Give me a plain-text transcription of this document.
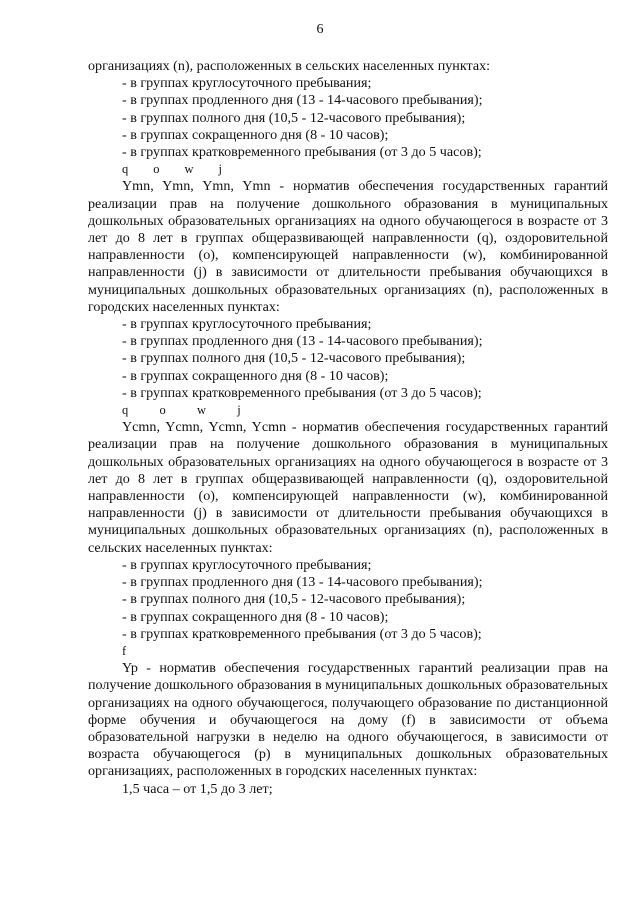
6

организациях (n), расположенных в сельских населенных пунктах:

- в группах круглосуточного пребывания;

- в группах продленного дня (13 - 14-часового пребывания);

- в группах полного дня (10,5 - 12-часового пребывания);

- в группах сокращенного дня (8 - 10 часов);

- в группах кратковременного пребывания (от 3 до 5 часов);

q        o        w        j

Ymn, Ymn, Ymn, Ymn - норматив обеспечения государственных гарантий реализации прав на получение дошкольного образования в муниципальных дошкольных образовательных организациях на одного обучающегося в возрасте от 3 лет до 8 лет в группах общеразвивающей направленности (q), оздоровительной направленности (o), компенсирующей направленности (w), комбинированной направленности (j) в зависимости от длительности пребывания обучающихся в муниципальных дошкольных образовательных организациях (n), расположенных в городских населенных пунктах:

- в группах круглосуточного пребывания;

- в группах продленного дня (13 - 14-часового пребывания);

- в группах полного дня (10,5 - 12-часового пребывания);

- в группах сокращенного дня (8 - 10 часов);

- в группах кратковременного пребывания (от 3 до 5 часов);

q          o          w          j

Ycmn, Ycmn, Ycmn, Ycmn - норматив обеспечения государственных гарантий реализации прав на получение дошкольного образования в муниципальных дошкольных образовательных организациях на одного обучающегося в возрасте от 3 лет до 8 лет в группах общеразвивающей направленности (q), оздоровительной направленности (o), компенсирующей направленности (w), комбинированной направленности (j) в зависимости от длительности пребывания обучающихся в муниципальных дошкольных образовательных организациях (n), расположенных в сельских населенных пунктах:

- в группах круглосуточного пребывания;

- в группах продленного дня (13 - 14-часового пребывания);

- в группах полного дня (10,5 - 12-часового пребывания);

- в группах сокращенного дня (8 - 10 часов);

- в группах кратковременного пребывания (от 3 до 5 часов);

f

Yp - норматив обеспечения государственных гарантий реализации прав на получение дошкольного образования в муниципальных дошкольных образовательных организациях на одного обучающегося, получающего образование по дистанционной форме обучения и обучающегося на дому (f) в зависимости от объема образовательной нагрузки в неделю на одного обучающегося, в зависимости от возраста обучающегося (p) в муниципальных дошкольных образовательных организациях, расположенных в городских населенных пунктах:

1,5 часа – от 1,5 до 3 лет;
